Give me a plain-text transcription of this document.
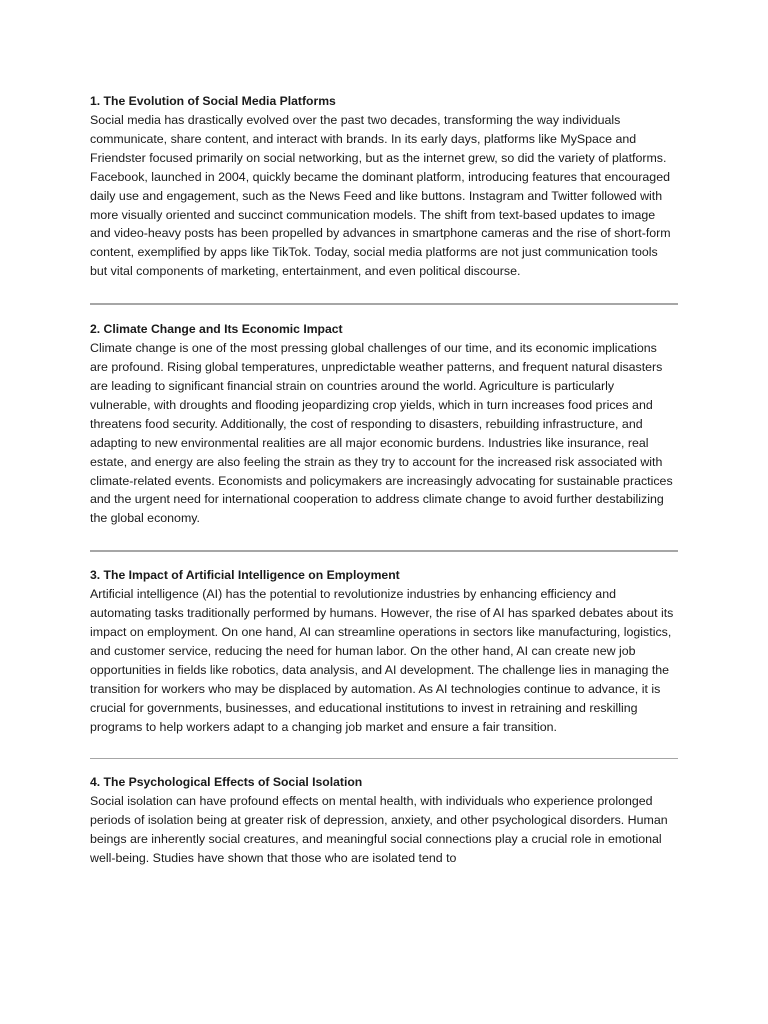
1. The Evolution of Social Media Platforms

Social media has drastically evolved over the past two decades, transforming the way individuals communicate, share content, and interact with brands. In its early days, platforms like MySpace and Friendster focused primarily on social networking, but as the internet grew, so did the variety of platforms. Facebook, launched in 2004, quickly became the dominant platform, introducing features that encouraged daily use and engagement, such as the News Feed and like buttons. Instagram and Twitter followed with more visually oriented and succinct communication models. The shift from text-based updates to image and video-heavy posts has been propelled by advances in smartphone cameras and the rise of short-form content, exemplified by apps like TikTok. Today, social media platforms are not just communication tools but vital components of marketing, entertainment, and even political discourse.

2. Climate Change and Its Economic Impact

Climate change is one of the most pressing global challenges of our time, and its economic implications are profound. Rising global temperatures, unpredictable weather patterns, and frequent natural disasters are leading to significant financial strain on countries around the world. Agriculture is particularly vulnerable, with droughts and flooding jeopardizing crop yields, which in turn increases food prices and threatens food security. Additionally, the cost of responding to disasters, rebuilding infrastructure, and adapting to new environmental realities are all major economic burdens. Industries like insurance, real estate, and energy are also feeling the strain as they try to account for the increased risk associated with climate-related events. Economists and policymakers are increasingly advocating for sustainable practices and the urgent need for international cooperation to address climate change to avoid further destabilizing the global economy.

3. The Impact of Artificial Intelligence on Employment

Artificial intelligence (AI) has the potential to revolutionize industries by enhancing efficiency and automating tasks traditionally performed by humans. However, the rise of AI has sparked debates about its impact on employment. On one hand, AI can streamline operations in sectors like manufacturing, logistics, and customer service, reducing the need for human labor. On the other hand, AI can create new job opportunities in fields like robotics, data analysis, and AI development. The challenge lies in managing the transition for workers who may be displaced by automation. As AI technologies continue to advance, it is crucial for governments, businesses, and educational institutions to invest in retraining and reskilling programs to help workers adapt to a changing job market and ensure a fair transition.

4. The Psychological Effects of Social Isolation

Social isolation can have profound effects on mental health, with individuals who experience prolonged periods of isolation being at greater risk of depression, anxiety, and other psychological disorders. Human beings are inherently social creatures, and meaningful social connections play a crucial role in emotional well-being. Studies have shown that those who are isolated tend to
